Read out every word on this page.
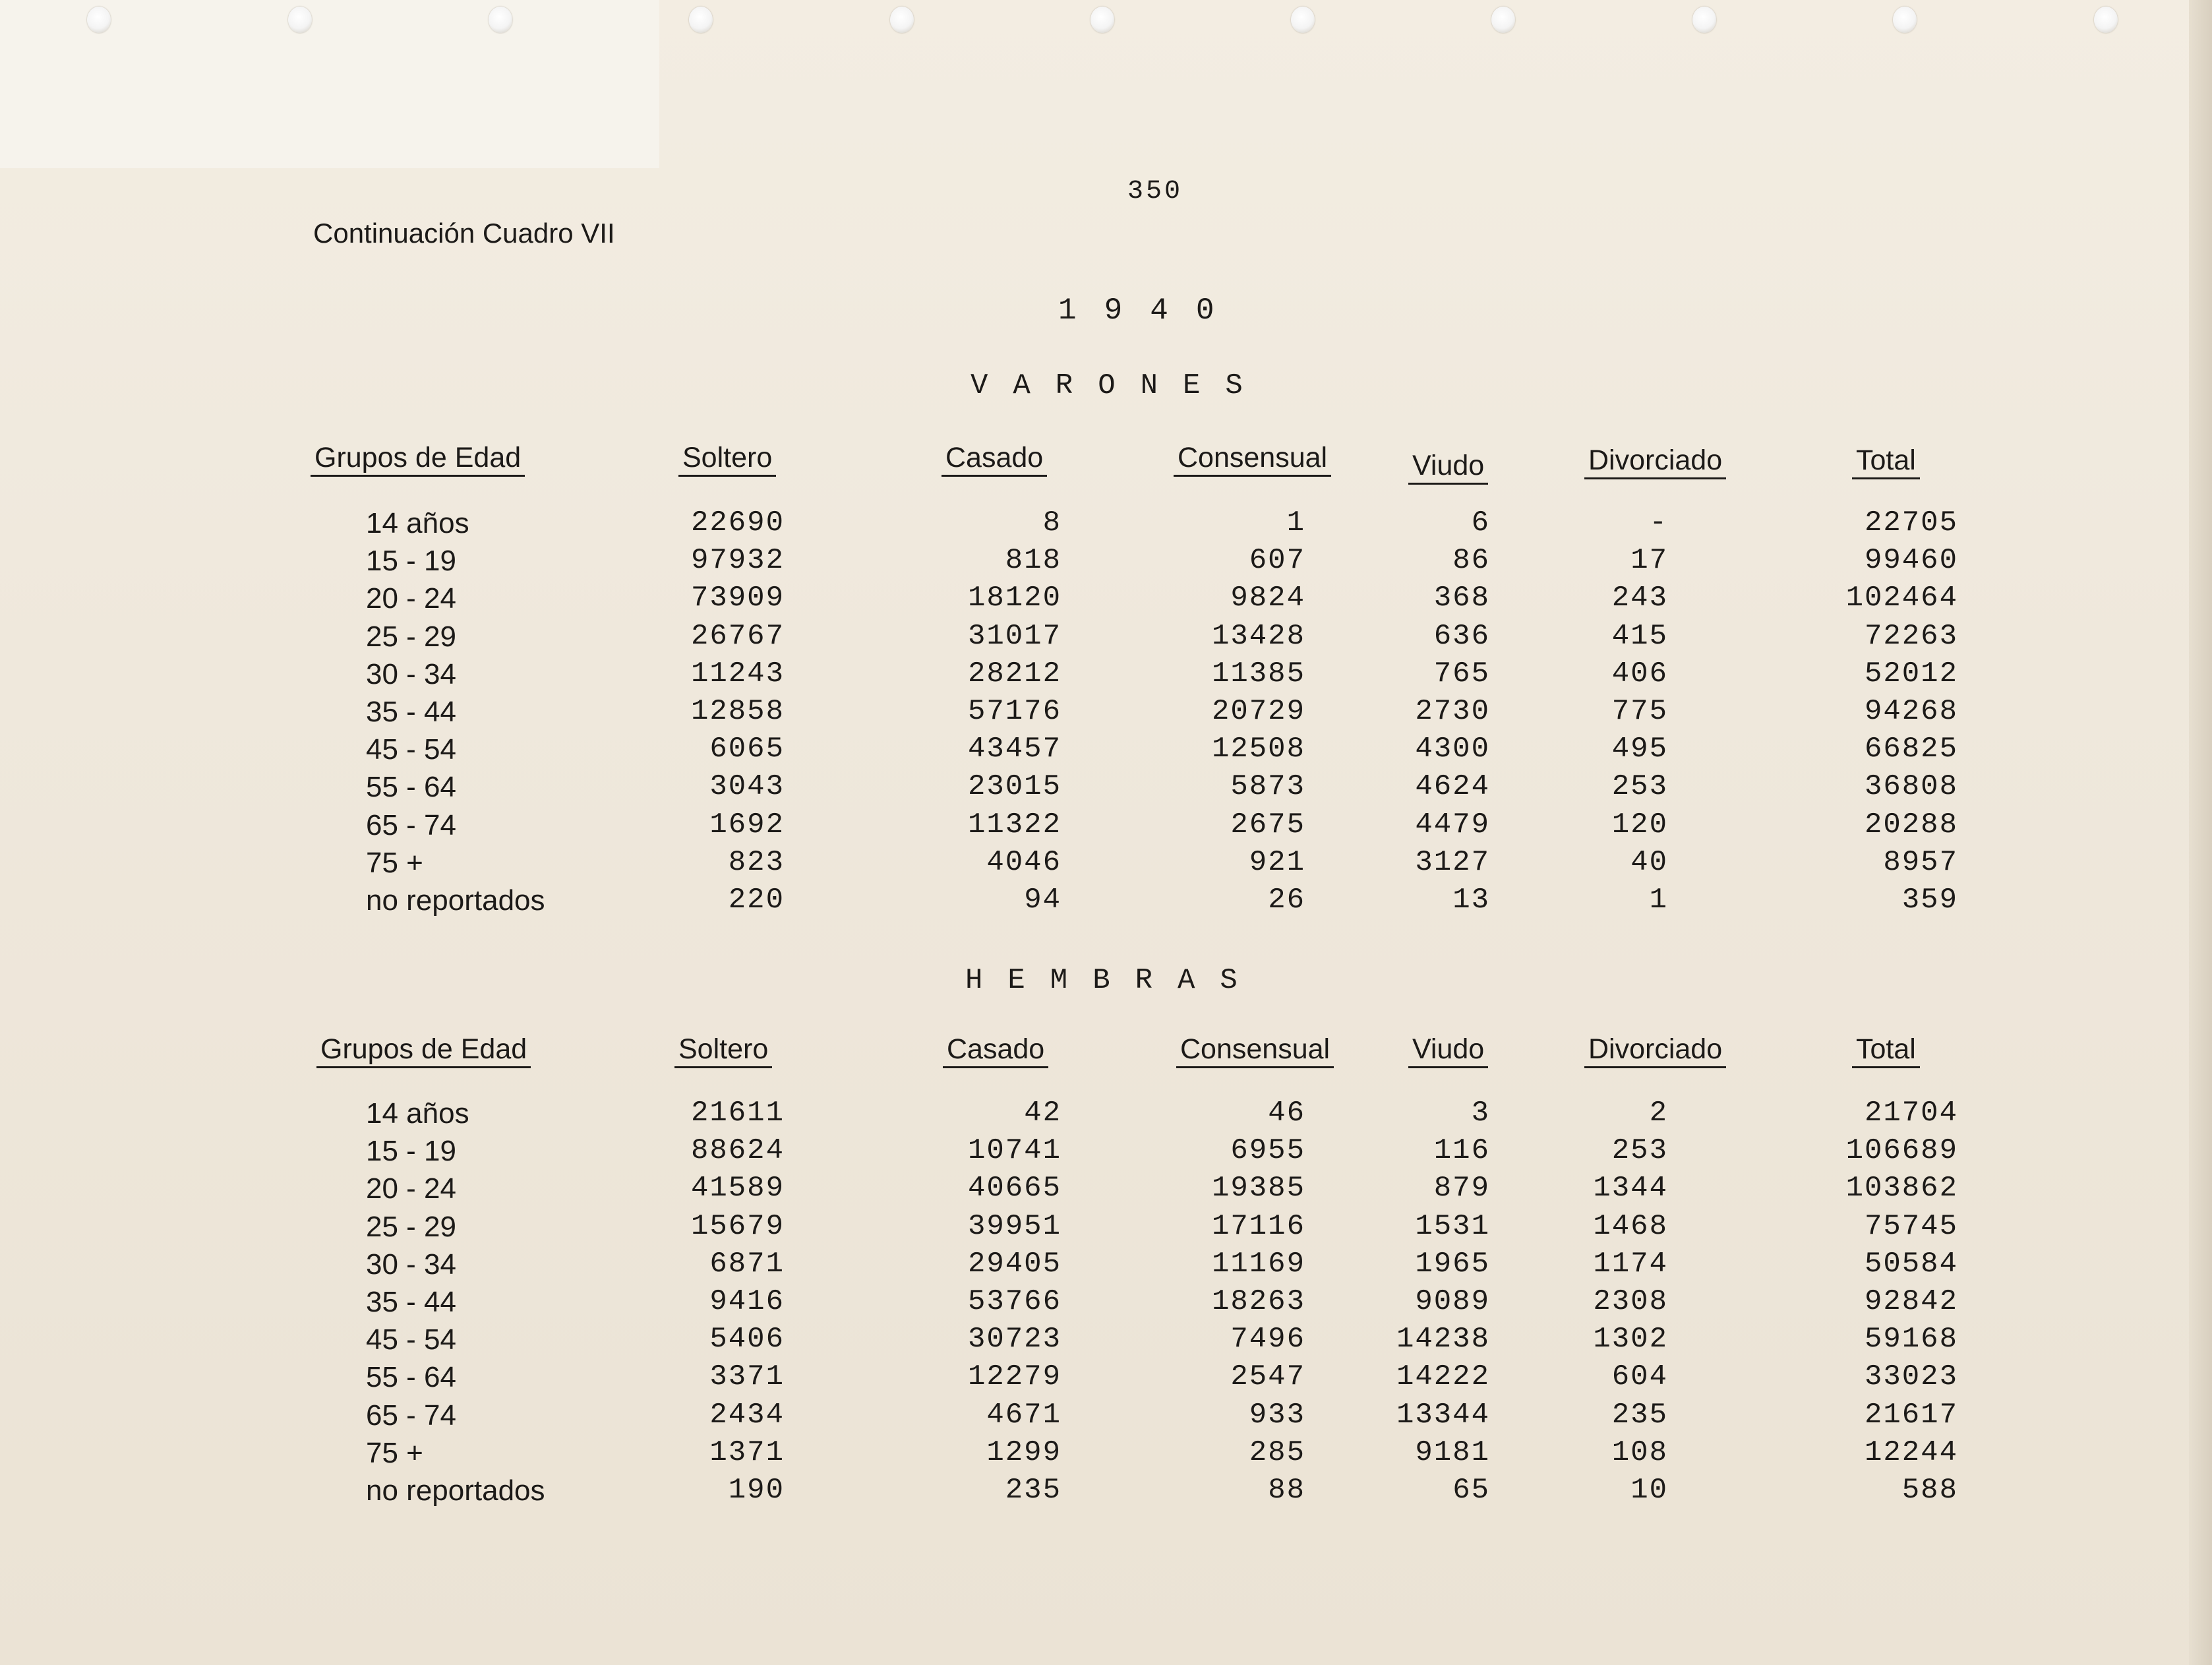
350
Continuación Cuadro VII
1940
VARONES
Grupos de Edad	Soltero	Casado	Consensual	Viudo	Divorciado	Total
14 años	22690	8	1	6	-	22705
15 - 19	97932	818	607	86	17	99460
20 - 24	73909	18120	9824	368	243	102464
25 - 29	26767	31017	13428	636	415	72263
30 - 34	11243	28212	11385	765	406	52012
35 - 44	12858	57176	20729	2730	775	94268
45 - 54	6065	43457	12508	4300	495	66825
55 - 64	3043	23015	5873	4624	253	36808
65 - 74	1692	11322	2675	4479	120	20288
75 +	823	4046	921	3127	40	8957
no reportados	220	94	26	13	1	359
HEMBRAS
Grupos de Edad	Soltero	Casado	Consensual	Viudo	Divorciado	Total
14 años	21611	42	46	3	2	21704
15 - 19	88624	10741	6955	116	253	106689
20 - 24	41589	40665	19385	879	1344	103862
25 - 29	15679	39951	17116	1531	1468	75745
30 - 34	6871	29405	11169	1965	1174	50584
35 - 44	9416	53766	18263	9089	2308	92842
45 - 54	5406	30723	7496	14238	1302	59168
55 - 64	3371	12279	2547	14222	604	33023
65 - 74	2434	4671	933	13344	235	21617
75 +	1371	1299	285	9181	108	12244
no reportados	190	235	88	65	10	588
